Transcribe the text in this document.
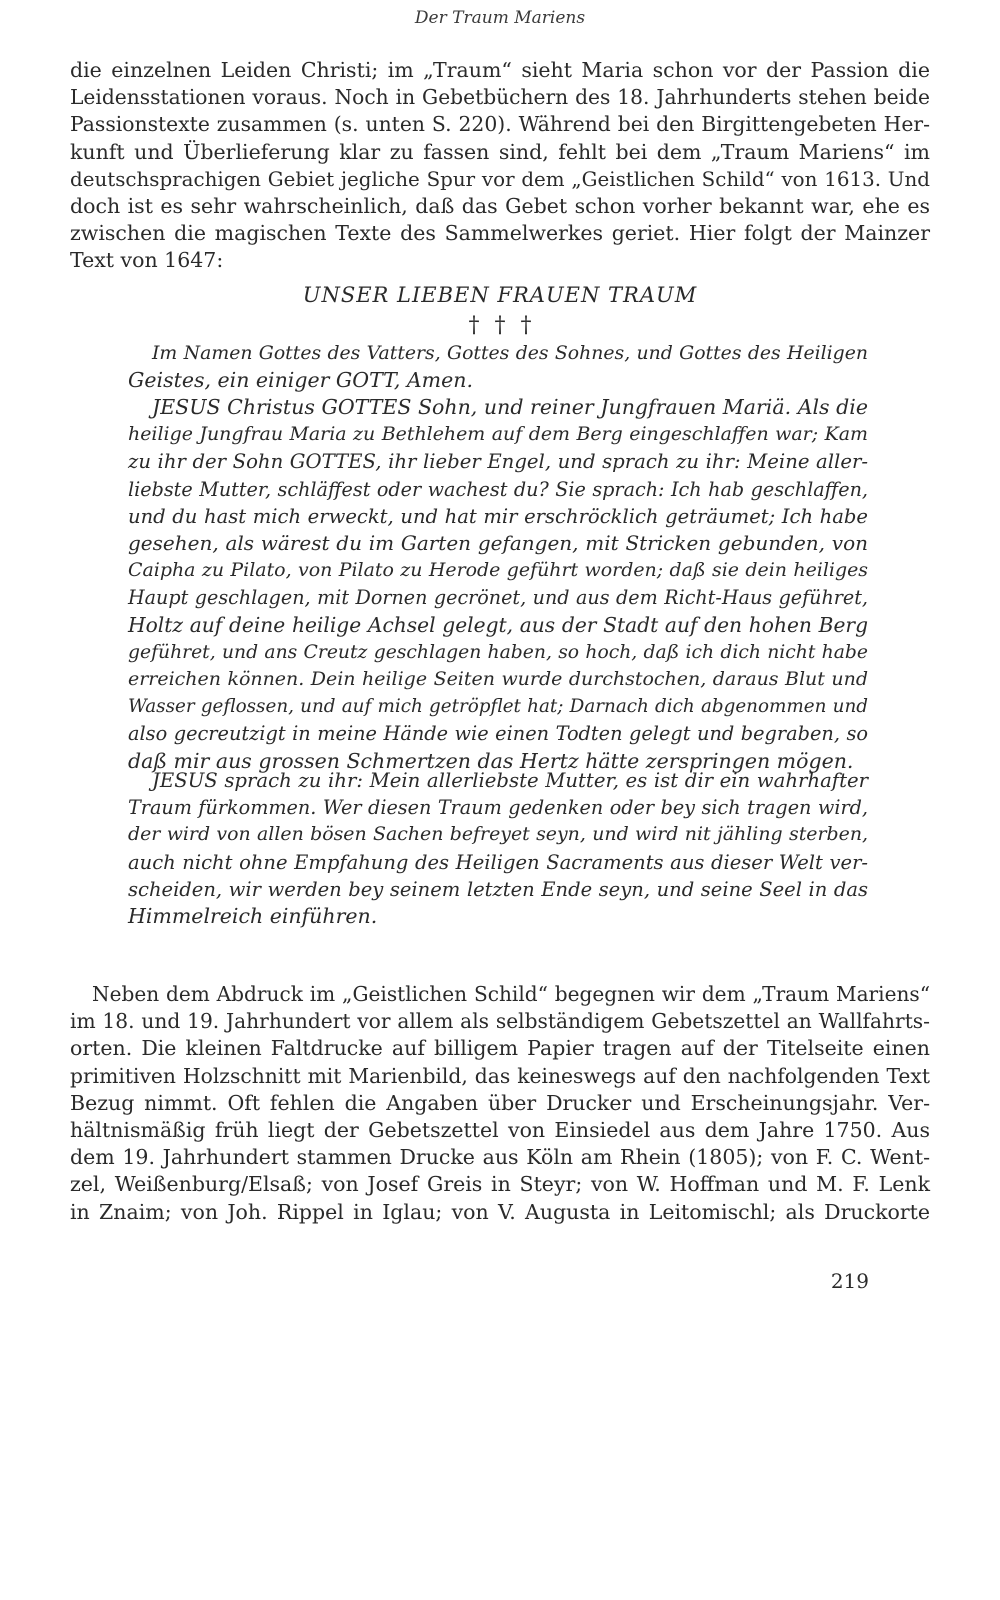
Der Traum Mariens
die einzelnen Leiden Christi; im „Traum“ sieht Maria schon vor der Passion die
Leidensstationen voraus. Noch in Gebetbüchern des 18. Jahrhunderts stehen beide
Passionstexte zusammen (s. unten S. 220). Während bei den Birgittengebeten Her-
kunft und Überlieferung klar zu fassen sind, fehlt bei dem „Traum Mariens“ im
deutschsprachigen Gebiet jegliche Spur vor dem „Geistlichen Schild“ von 1613. Und
doch ist es sehr wahrscheinlich, daß das Gebet schon vorher bekannt war, ehe es
zwischen die magischen Texte des Sammelwerkes geriet. Hier folgt der Mainzer
Text von 1647:
UNSER LIEBEN FRAUEN TRAUM
† † †
Im Namen Gottes des Vatters, Gottes des Sohnes, und Gottes des Heiligen
Geistes, ein einiger GOTT, Amen.
JESUS Christus GOTTES Sohn, und reiner Jungfrauen Mariä. Als die
heilige Jungfrau Maria zu Bethlehem auf dem Berg eingeschlaffen war; Kam
zu ihr der Sohn GOTTES, ihr lieber Engel, und sprach zu ihr: Meine aller-
liebste Mutter, schläffest oder wachest du? Sie sprach: Ich hab geschlaffen,
und du hast mich erweckt, und hat mir erschröcklich geträumet; Ich habe
gesehen, als wärest du im Garten gefangen, mit Stricken gebunden, von
Caipha zu Pilato, von Pilato zu Herode geführt worden; daß sie dein heiliges
Haupt geschlagen, mit Dornen gecrönet, und aus dem Richt-Haus geführet,
Holtz auf deine heilige Achsel gelegt, aus der Stadt auf den hohen Berg
geführet, und ans Creutz geschlagen haben, so hoch, daß ich dich nicht habe
erreichen können. Dein heilige Seiten wurde durchstochen, daraus Blut und
Wasser geflossen, und auf mich getröpflet hat; Darnach dich abgenommen und
also gecreutzigt in meine Hände wie einen Todten gelegt und begraben, so
daß mir aus grossen Schmertzen das Hertz hätte zerspringen mögen.
JESUS sprach zu ihr: Mein allerliebste Mutter, es ist dir ein wahrhafter
Traum fürkommen. Wer diesen Traum gedenken oder bey sich tragen wird,
der wird von allen bösen Sachen befreyet seyn, und wird nit jähling sterben,
auch nicht ohne Empfahung des Heiligen Sacraments aus dieser Welt ver-
scheiden, wir werden bey seinem letzten Ende seyn, und seine Seel in das
Himmelreich einführen.
Neben dem Abdruck im „Geistlichen Schild“ begegnen wir dem „Traum Mariens“
im 18. und 19. Jahrhundert vor allem als selbständigem Gebetszettel an Wallfahrts-
orten. Die kleinen Faltdrucke auf billigem Papier tragen auf der Titelseite einen
primitiven Holzschnitt mit Marienbild, das keineswegs auf den nachfolgenden Text
Bezug nimmt. Oft fehlen die Angaben über Drucker und Erscheinungsjahr. Ver-
hältnismäßig früh liegt der Gebetszettel von Einsiedel aus dem Jahre 1750. Aus
dem 19. Jahrhundert stammen Drucke aus Köln am Rhein (1805); von F. C. Went-
zel, Weißenburg/Elsaß; von Josef Greis in Steyr; von W. Hoffman und M. F. Lenk
in Znaim; von Joh. Rippel in Iglau; von V. Augusta in Leitomischl; als Druckorte
219
